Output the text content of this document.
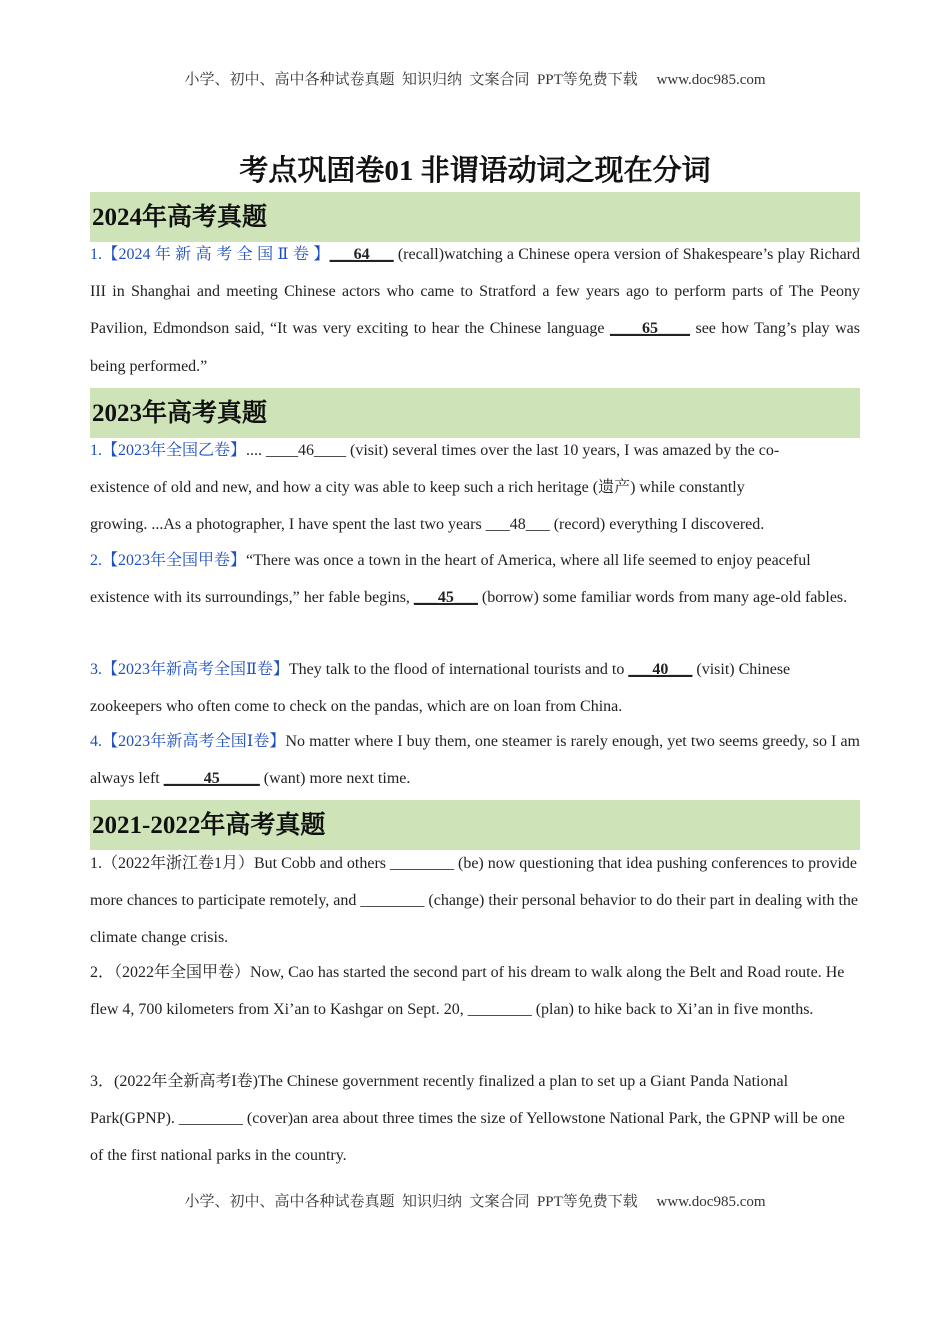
小学、初中、高中各种试卷真题  知识归纳  文案合同  PPT等免费下载     www.doc985.com
考点巩固卷01 非谓语动词之现在分词
2024年高考真题
1.【2024 年 新 高 考 全 国 Ⅱ 卷 】___64___ (recall)watching a Chinese opera version of Shakespeare’s play Richard III in Shanghai and meeting Chinese actors who came to Stratford a few years ago to perform parts of The Peony Pavilion, Edmondson said, “It was very exciting to hear the Chinese language ____65____ see how Tang’s play was being performed.”
2023年高考真题
1.【2023年全国乙卷】.... ____46____ (visit) several times over the last 10 years, I was amazed by the co-
existence of old and new, and how a city was able to keep such a rich heritage (遗产) while constantly
growing. ...As a photographer, I have spent the last two years ___48___ (record) everything I discovered.
2.【2023年全国甲卷】“There was once a town in the heart of America, where all life seemed to enjoy peaceful existence with its surroundings,” her fable begins, ___45___ (borrow) some familiar words from many age-old fables.
3.【2023年新高考全国Ⅱ卷】They talk to the flood of international tourists and to ___40___ (visit) Chinese zookeepers who often come to check on the pandas, which are on loan from China.
4.【2023年新高考全国Ⅰ卷】No matter where I buy them, one steamer is rarely enough, yet two seems greedy, so I am always left _____45_____ (want) more next time.
2021-2022年高考真题
1.（2022年浙江卷1月）But Cobb and others ________ (be) now questioning that idea pushing conferences to provide more chances to participate remotely, and ________ (change) their personal behavior to do their part in dealing with the climate change crisis.
2．（2022年全国甲卷）Now, Cao has started the second part of his dream to walk along the Belt and Road route. He flew 4, 700 kilometers from Xi’an to Kashgar on Sept. 20, ________ (plan) to hike back to Xi’an in five months.
3．(2022年全新高考I卷)The Chinese government recently finalized a plan to set up a Giant Panda National Park(GPNP). ________ (cover)an area about three times the size of Yellowstone National Park, the GPNP will be one of the first national parks in the country.
小学、初中、高中各种试卷真题  知识归纳  文案合同  PPT等免费下载     www.doc985.com
